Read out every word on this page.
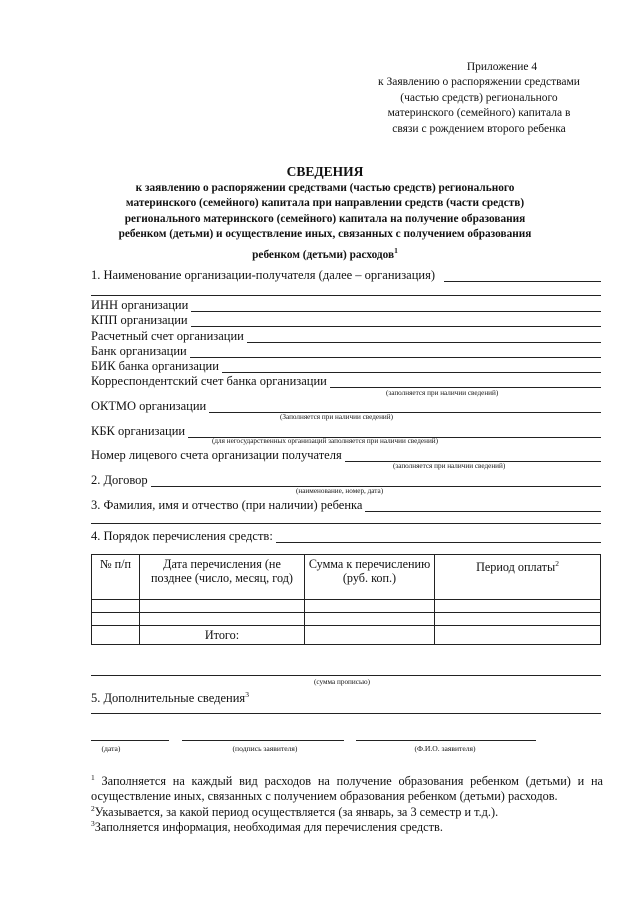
Приложение 4
к Заявлению о распоряжении средствами
(частью средств) регионального
материнского (семейного) капитала в
связи с рождением второго ребенка
СВЕДЕНИЯ
к заявлению о распоряжении средствами (частью средств) регионального
материнского (семейного) капитала при направлении средств (части средств)
регионального материнского (семейного) капитала на получение образования
ребенком (детьми) и осуществление иных, связанных с получением образования
ребенком (детьми) расходов$^1$
1. Наименование организации-получателя (далее – организация)
ИНН организации
КПП организации
Расчетный счет организации
Банк организации
БИК банка организации
Корреспондентский счет банка организации
(заполняется при наличии сведений)
ОКТМО организации
(Заполняется при наличии сведений)
КБК организации
(для негосударственных организаций заполняется при наличии сведений)
Номер лицевого счета организации получателя
(заполняется при наличии сведений)
2. Договор
(наименование, номер, дата)
3. Фамилия, имя и отчество (при наличии) ребенка
4. Порядок перечисления средств:
№ п/п	Дата перечисления (не позднее (число, месяц, год)	Сумма к перечислению (руб. коп.)	Период оплаты$^2$

	Итого:		
(сумма прописью)
5. Дополнительные сведения$^3$
(дата)	(подпись заявителя)	(Ф.И.О. заявителя)
$^1$ Заполняется на каждый вид расходов на получение образования ребенком (детьми) и на осуществление иных, связанных с получением образования ребенком (детьми) расходов.
$^2$Указывается, за какой период осуществляется (за январь, за 3 семестр и т.д.).
$^3$Заполняется информация, необходимая для перечисления средств.
